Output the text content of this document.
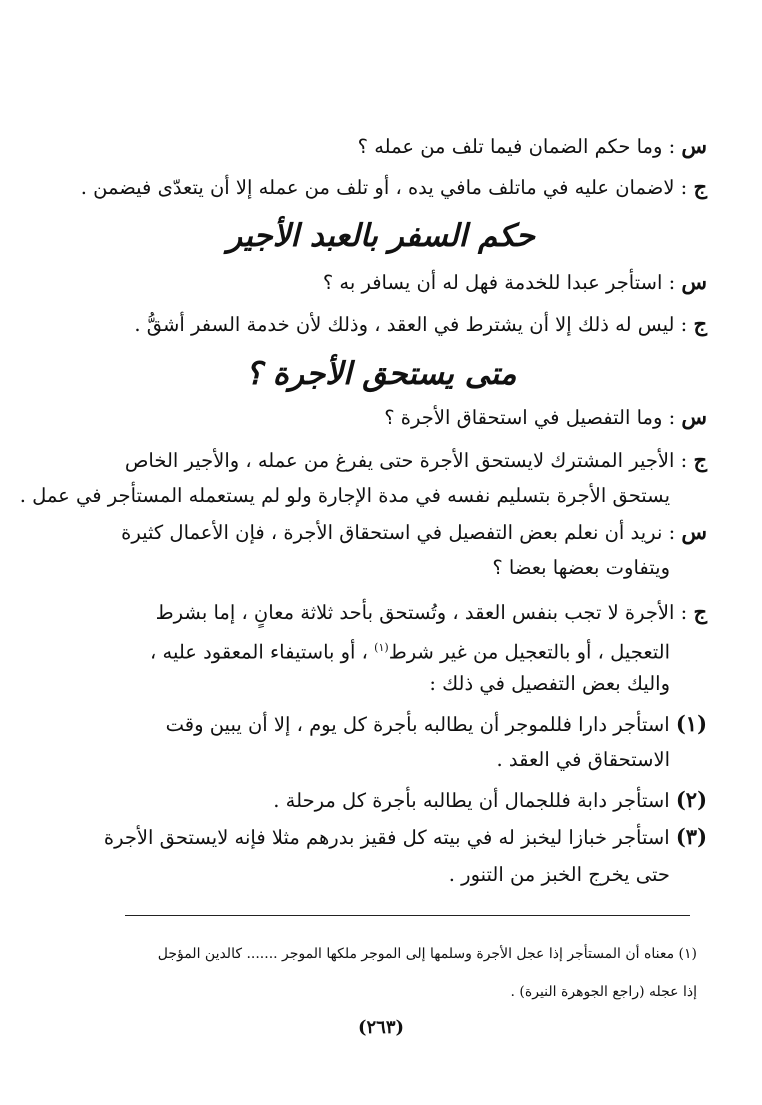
س : وما حكم الضمان فيما تلف من عمله ؟
ج : لاضمان عليه في ماتلف مافي يده ، أو تلف من عمله إلا أن يتعدّى فيضمن .
حكم السفر بالعبد الأجير
س : استأجر عبدا للخدمة فهل له أن يسافر به ؟
ج : ليس له ذلك إلا أن يشترط في العقد ، وذلك لأن خدمة السفر أشقُّ .
متى يستحق الأجرة ؟
س : وما التفصيل في استحقاق الأجرة ؟
ج : الأجير المشترك لايستحق الأجرة حتى يفرغ من عمله ، والأجير الخاص
يستحق الأجرة بتسليم نفسه في مدة الإجارة ولو لم يستعمله المستأجر في عمل .
س : نريد أن نعلم بعض التفصيل في استحقاق الأجرة ، فإن الأعمال كثيرة
ويتفاوت بعضها بعضا ؟
ج : الأجرة لا تجب بنفس العقد ، وتُستحق بأحد ثلاثة معانٍ ، إما بشرط
التعجيل ، أو بالتعجيل من غير شرط$^{(١)}$ ، أو باستيفاء المعقود عليه ،
واليك بعض التفصيل في ذلك :
(١) استأجر دارا فللموجر أن يطالبه بأجرة كل يوم ، إلا أن يبين وقت
الاستحقاق في العقد .
(٢) استأجر دابة فللجمال أن يطالبه بأجرة كل مرحلة .
(٣) استأجر خبازا ليخبز له في بيته كل فقيز بدرهم مثلا فإنه لايستحق الأجرة
حتى يخرج الخبز من التنور .
(١) معناه أن المستأجر إذا عجل الأجرة وسلمها إلى الموجر ملكها الموجر ....... كالدين المؤجل
إذا عجله (راجع الجوهرة النيرة) .
(٢٦٣)
